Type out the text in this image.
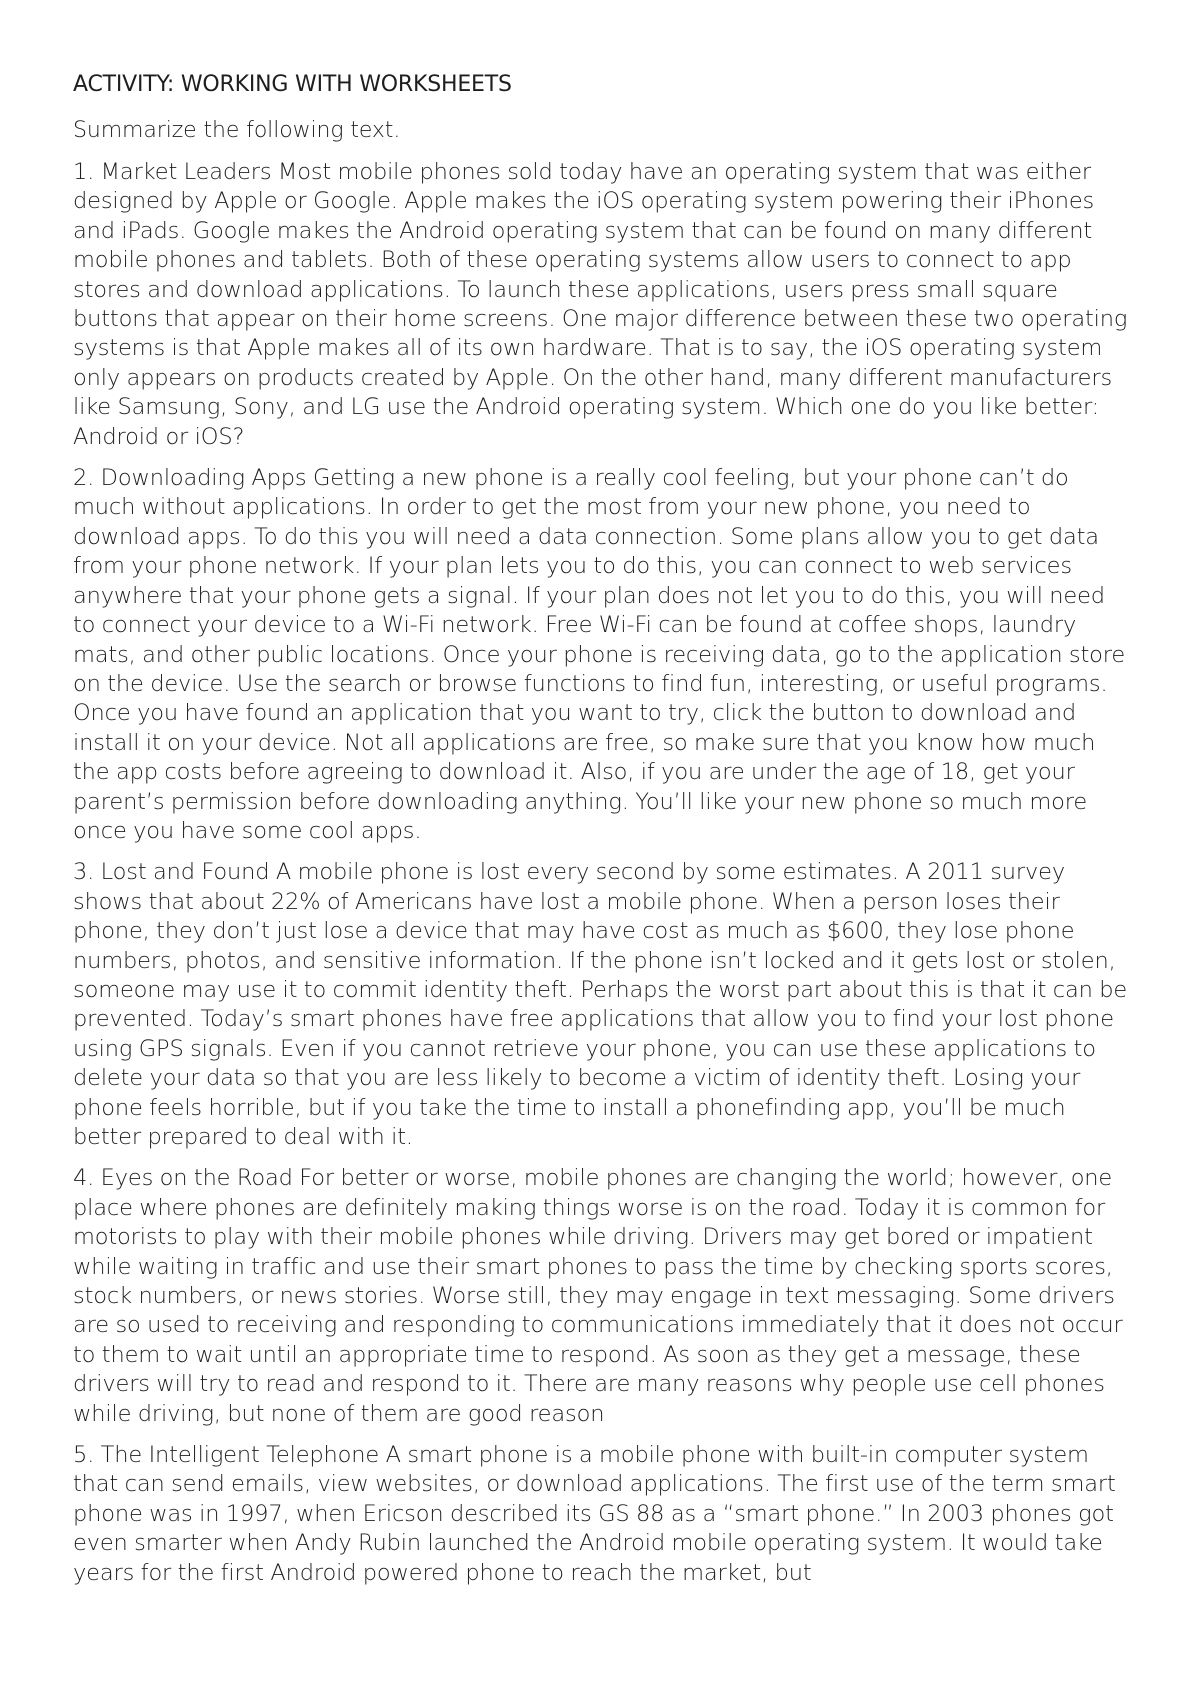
ACTIVITY: WORKING WITH WORKSHEETS

Summarize the following text.

1. Market Leaders Most mobile phones sold today have an operating system that was either designed by Apple or Google. Apple makes the iOS operating system powering their iPhones and iPads. Google makes the Android operating system that can be found on many different mobile phones and tablets. Both of these operating systems allow users to connect to app stores and download applications. To launch these applications, users press small square buttons that appear on their home screens. One major difference between these two operating systems is that Apple makes all of its own hardware. That is to say, the iOS operating system only appears on products created by Apple. On the other hand, many different manufacturers like Samsung, Sony, and LG use the Android operating system. Which one do you like better: Android or iOS?

2. Downloading Apps Getting a new phone is a really cool feeling, but your phone can’t do much without applications. In order to get the most from your new phone, you need to download apps. To do this you will need a data connection. Some plans allow you to get data from your phone network. If your plan lets you to do this, you can connect to web services anywhere that your phone gets a signal. If your plan does not let you to do this, you will need to connect your device to a Wi-Fi network. Free Wi-Fi can be found at coffee shops, laundry mats, and other public locations. Once your phone is receiving data, go to the application store on the device. Use the search or browse functions to find fun, interesting, or useful programs. Once you have found an application that you want to try, click the button to download and install it on your device. Not all applications are free, so make sure that you know how much the app costs before agreeing to download it. Also, if you are under the age of 18, get your parent’s permission before downloading anything. You’ll like your new phone so much more once you have some cool apps.

3. Lost and Found A mobile phone is lost every second by some estimates. A 2011 survey shows that about 22% of Americans have lost a mobile phone. When a person loses their phone, they don’t just lose a device that may have cost as much as $600, they lose phone numbers, photos, and sensitive information. If the phone isn’t locked and it gets lost or stolen, someone may use it to commit identity theft. Perhaps the worst part about this is that it can be prevented. Today’s smart phones have free applications that allow you to find your lost phone using GPS signals. Even if you cannot retrieve your phone, you can use these applications to delete your data so that you are less likely to become a victim of identity theft. Losing your phone feels horrible, but if you take the time to install a phonefinding app, you’ll be much better prepared to deal with it.

4. Eyes on the Road For better or worse, mobile phones are changing the world; however, one place where phones are definitely making things worse is on the road. Today it is common for motorists to play with their mobile phones while driving. Drivers may get bored or impatient while waiting in traffic and use their smart phones to pass the time by checking sports scores, stock numbers, or news stories. Worse still, they may engage in text messaging. Some drivers are so used to receiving and responding to communications immediately that it does not occur to them to wait until an appropriate time to respond. As soon as they get a message, these drivers will try to read and respond to it. There are many reasons why people use cell phones while driving, but none of them are good reason

5. The Intelligent Telephone A smart phone is a mobile phone with built-in computer system that can send emails, view websites, or download applications. The first use of the term smart phone was in 1997, when Ericson described its GS 88 as a “smart phone.” In 2003 phones got even smarter when Andy Rubin launched the Android mobile operating system. It would take years for the first Android powered phone to reach the market, but
